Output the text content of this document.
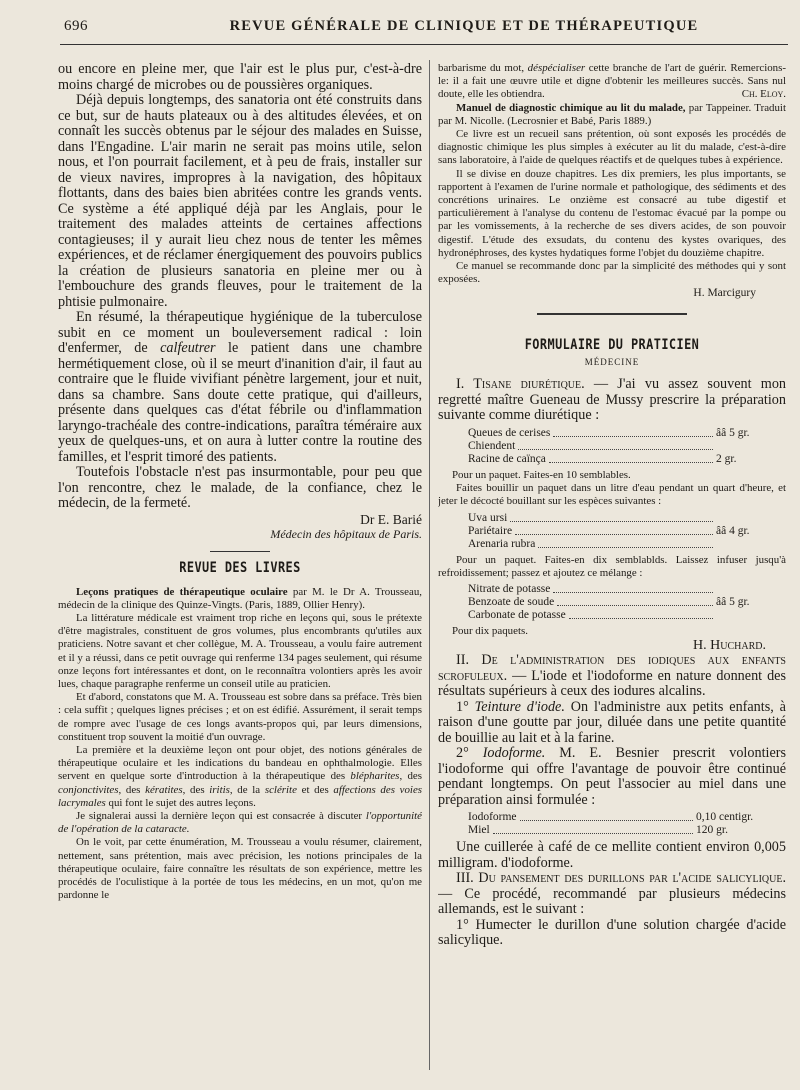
696	REVUE GÉNÉRALE DE CLINIQUE ET DE THÉRAPEUTIQUE

ou encore en pleine mer, que l'air est le plus pur, c'est-à-dre moins chargé de microbes ou de poussières organiques.

Déjà depuis longtemps, des sanatoria ont été construits dans ce but, sur de hauts plateaux ou à des altitudes élevées, et on connaît les succès obtenus par le séjour des malades en Suisse, dans l'Engadine. L'air marin ne serait pas moins utile, selon nous, et l'on pourrait facilement, et à peu de frais, installer sur de vieux navires, impropres à la navigation, des hôpitaux flottants, dans des baies bien abritées contre les grands vents. Ce système a été appliqué déjà par les Anglais, pour le traitement des malades atteints de certaines affections contagieuses; il y aurait lieu chez nous de tenter les mêmes expériences, et de réclamer énergiquement des pouvoirs publics la création de plusieurs sanatoria en pleine mer ou à l'embouchure des grands fleuves, pour le traitement de la phtisie pulmonaire.

En résumé, la thérapeutique hygiénique de la tuberculose subit en ce moment un bouleversement radical : loin d'enfermer, de calfeutrer le patient dans une chambre hermétiquement close, où il se meurt d'inanition d'air, il faut au contraire que le fluide vivifiant pénètre largement, jour et nuit, dans sa chambre. Sans doute cette pratique, qui d'ailleurs, présente dans quelques cas d'état fébrile ou d'inflammation laryngo-trachéale des contre-indications, paraîtra téméraire aux yeux de quelques-uns, et on aura à lutter contre la routine des familles, et l'esprit timoré des patients.

Toutefois l'obstacle n'est pas insurmontable, pour peu que l'on rencontre, chez le malade, de la confiance, chez le médecin, de la fermeté.

Dr E. Barié
Médecin des hôpitaux de Paris.
REVUE DES LIVRES

Leçons pratiques de thérapeutique oculaire par M. le Dr A. Trousseau, médecin de la clinique des Quinze-Vingts. (Paris, 1889, Ollier Henry).

La littérature médicale est vraiment trop riche en leçons qui, sous le prétexte d'être magistrales, constituent de gros volumes, plus encombrants qu'utiles aux praticiens. Notre savant et cher collègue, M. A. Trousseau, a voulu faire autrement et il y a réussi, dans ce petit ouvrage qui renferme 134 pages seulement, qui résume onze leçons fort intéressantes et dont, on le reconnaîtra volontiers après les avoir lues, chaque paragraphe renferme un conseil utile au praticien.

Et d'abord, constatons que M. A. Trousseau est sobre dans sa préface. Très bien : cela suffit ; quelques lignes précises ; et on est édifié. Assurément, il serait temps de rompre avec l'usage de ces longs avants-propos qui, par leurs dimensions, constituent trop souvent la moitié d'un ouvrage.

La première et la deuxième leçon ont pour objet, des notions générales de thérapeutique oculaire et les indications du bandeau en ophthalmologie. Elles servent en quelque sorte d'introduction à la thérapeutique des blépharites, des conjonctivites, des kératites, des iritis, de la sclérite et des affections des voies lacrymales qui font le sujet des autres leçons.

Je signalerai aussi la dernière leçon qui est consacrée à discuter l'opportunité de l'opération de la cataracte.

On le voit, par cette énumération, M. Trousseau a voulu résumer, clairement, nettement, sans prétention, mais avec précision, les notions principales de la thérapeutique oculaire, faire connaître les résultats de son expérience, mettre les procédés de l'oculistique à la portée de tous les médecins, en un mot, qu'on me pardonne le

barbarisme du mot, déspécialiser cette branche de l'art de guérir. Remercions-le: il a fait une œuvre utile et digne d'obtenir les meilleures succès. Sans nul doute, elle les obtiendra.	Ch. Eloy.

Manuel de diagnostic chimique au lit du malade, par Tappeiner. Traduit par M. Nicolle. (Lecrosnier et Babé, Paris 1889.)

Ce livre est un recueil sans prétention, où sont exposés les procédés de diagnostic chimique les plus simples à exécuter au lit du malade, c'est-à-dire sans laboratoire, à l'aide de quelques réactifs et de quelques tubes à expérience.

Il se divise en douze chapitres. Les dix premiers, les plus importants, se rapportent à l'examen de l'urine normale et pathologique, des sédiments et des concrétions urinaires. Le onzième est consacré au tube digestif et particulièrement à l'analyse du contenu de l'estomac évacué par la pompe ou par les vomissements, à la recherche de ses divers acides, de son pouvoir digestif. L'étude des exsudats, du contenu des kystes ovariques, des hydronéphroses, des kystes hydatiques forme l'objet du douzième chapitre.

Ce manuel se recommande donc par la simplicité des méthodes qui y sont exposées.

H. Marcigury
FORMULAIRE DU PRATICIEN
MÉDECINE

I. Tisane diurétique. — J'ai vu assez souvent mon regretté maître Gueneau de Mussy prescrire la préparation suivante comme diurétique :

Queues de cerises	ââ 5 gr.
Chiendent
Racine de caïnça	2 gr.

Pour un paquet. Faites-en 10 semblables.

Faites bouillir un paquet dans un litre d'eau pendant un quart d'heure, et jeter le décocté bouillant sur les espèces suivantes :

Uva ursi
Pariétaire	ââ 4 gr.
Arenaria rubra

Pour un paquet. Faites-en dix semblablds. Laissez infuser jusqu'à refroidissement; passez et ajoutez ce mélange :

Nitrate de potasse
Benzoate de soude	ââ 5 gr.
Carbonate de potasse

Pour dix paquets.

H. Huchard.

II. De l'administration des iodiques aux enfants scrofuleux. — L'iode et l'iodoforme en nature donnent des résultats supérieurs à ceux des iodures alcalins.

1° Teinture d'iode. On l'administre aux petits enfants, à raison d'une goutte par jour, diluée dans une petite quantité de bouillie au lait et à la farine.

2° Iodoforme. M. E. Besnier prescrit volontiers l'iodoforme qui offre l'avantage de pouvoir être continué pendant longtemps. On peut l'associer au miel dans une préparation ainsi formulée :

Iodoforme	0,10 centigr.
Miel	120 gr.

Une cuillerée à café de ce mellite contient environ 0,005 milligram. d'iodoforme.

III. Du pansement des durillons par l'acide salicylique. — Ce procédé, recommandé par plusieurs médecins allemands, est le suivant :

1° Humecter le durillon d'une solution chargée d'acide salicylique.
